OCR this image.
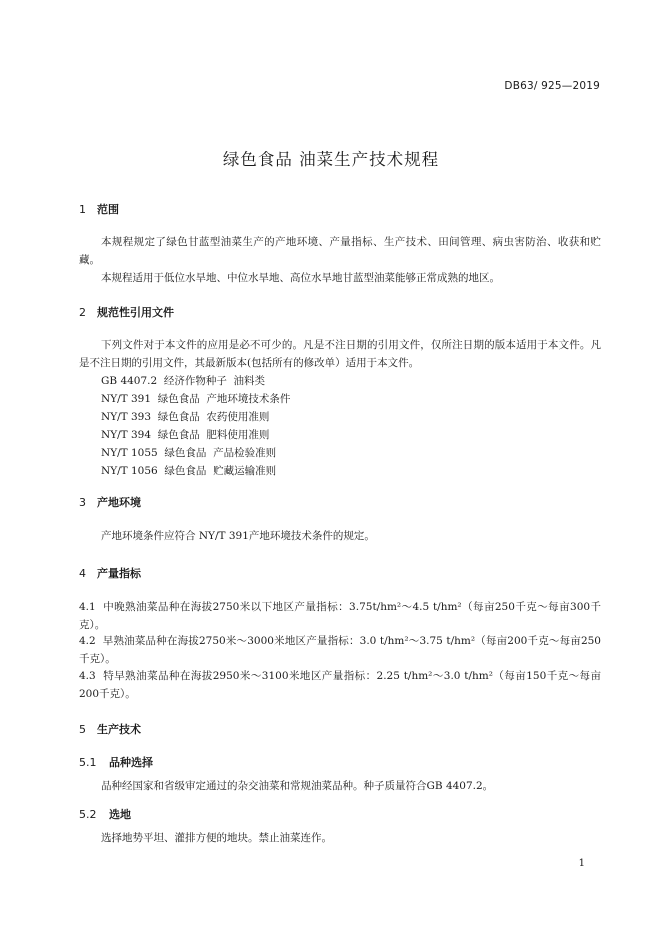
DB63/ 925—2019
绿色食品 油菜生产技术规程
1 范围
本规程规定了绿色甘蓝型油菜生产的产地环境、产量指标、生产技术、田间管理、病虫害防治、收获和贮藏。
本规程适用于低位水旱地、中位水旱地、高位水旱地甘蓝型油菜能够正常成熟的地区。
2 规范性引用文件
下列文件对于本文件的应用是必不可少的。凡是不注日期的引用文件，仅所注日期的版本适用于本文件。凡是不注日期的引用文件，其最新版本(包括所有的修改单）适用于本文件。
GB 4407.2  经济作物种子  油料类
NY/T 391  绿色食品  产地环境技术条件
NY/T 393  绿色食品  农药使用准则
NY/T 394  绿色食品  肥料使用准则
NY/T 1055  绿色食品  产品检验准则
NY/T 1056  绿色食品  贮藏运输准则
3 产地环境
产地环境条件应符合 NY/T 391产地环境技术条件的规定。
4 产量指标
4.1 中晚熟油菜品种在海拔2750米以下地区产量指标：3.75t/hm²～4.5 t/hm²（每亩250千克～每亩300千克）。
4.2 早熟油菜品种在海拔2750米～3000米地区产量指标：3.0 t/hm²～3.75 t/hm²（每亩200千克～每亩250千克）。
4.3 特早熟油菜品种在海拔2950米～3100米地区产量指标：2.25 t/hm²～3.0 t/hm²（每亩150千克～每亩200千克）。
5 生产技术
5.1 品种选择
品种经国家和省级审定通过的杂交油菜和常规油菜品种。种子质量符合GB 4407.2。
5.2 选地
选择地势平坦、灌排方便的地块。禁止油菜连作。
1
